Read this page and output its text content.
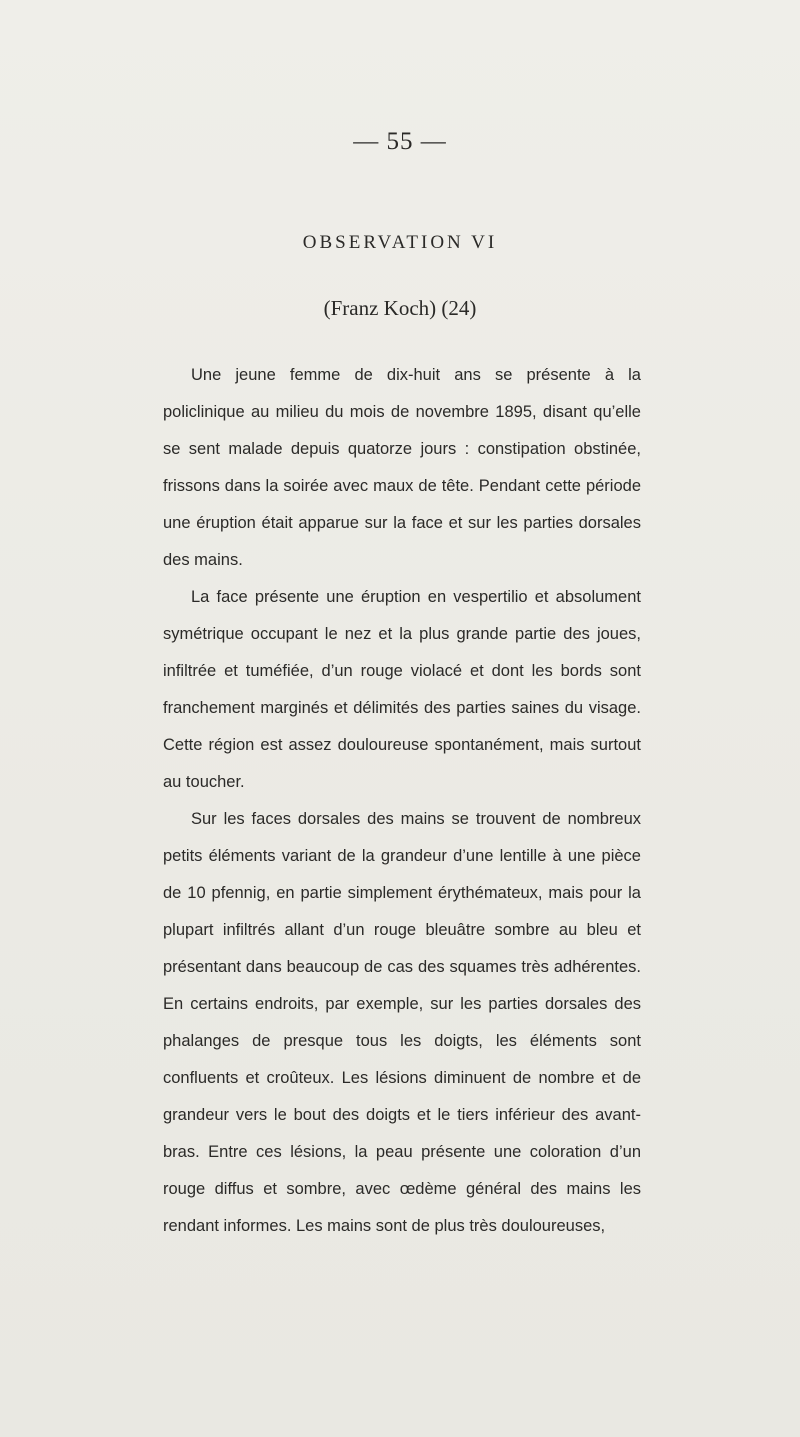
— 55 —
OBSERVATION VI
(Franz Koch) (24)

Une jeune femme de dix-huit ans se présente à la policlinique au milieu du mois de novembre 1895, disant qu’elle se sent malade depuis quatorze jours : constipation obstinée, frissons dans la soirée avec maux de tête. Pendant cette période une éruption était apparue sur la face et sur les parties dorsales des mains.

La face présente une éruption en vespertilio et absolument symétrique occupant le nez et la plus grande partie des joues, infiltrée et tuméfiée, d’un rouge violacé et dont les bords sont franchement marginés et délimités des parties saines du visage. Cette région est assez douloureuse spontanément, mais surtout au toucher.

Sur les faces dorsales des mains se trouvent de nombreux petits éléments variant de la grandeur d’une lentille à une pièce de 10 pfennig, en partie simplement érythémateux, mais pour la plupart infiltrés allant d’un rouge bleuâtre sombre au bleu et présentant dans beaucoup de cas des squames très adhérentes. En certains endroits, par exemple, sur les parties dorsales des phalanges de presque tous les doigts, les éléments sont confluents et croûteux. Les lésions diminuent de nombre et de grandeur vers le bout des doigts et le tiers inférieur des avant-bras. Entre ces lésions, la peau présente une coloration d’un rouge diffus et sombre, avec œdème général des mains les rendant informes. Les mains sont de plus très douloureuses,
